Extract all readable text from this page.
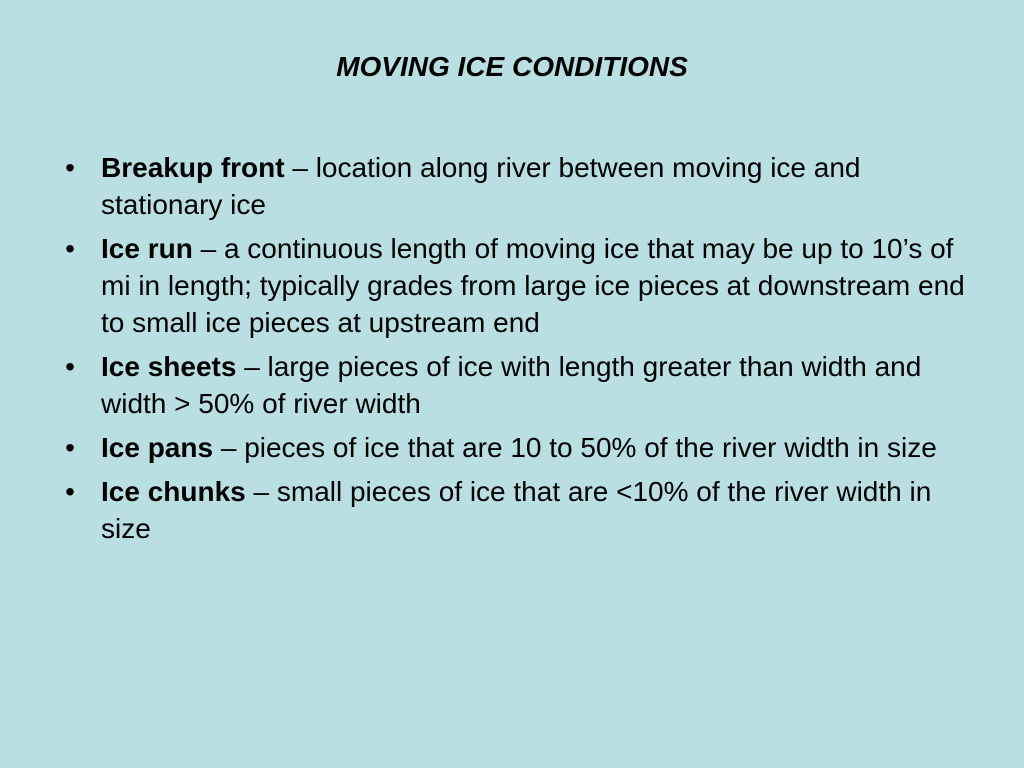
MOVING ICE CONDITIONS
• Breakup front – location along river between moving ice and stationary ice
• Ice run – a continuous length of moving ice that may be up to 10’s of mi in length; typically grades from large ice pieces at downstream end to small ice pieces at upstream end
• Ice sheets – large pieces of ice with length greater than width and width > 50% of river width
• Ice pans – pieces of ice that are 10 to 50% of the river width in size
• Ice chunks – small pieces of ice that are <10% of the river width in size
